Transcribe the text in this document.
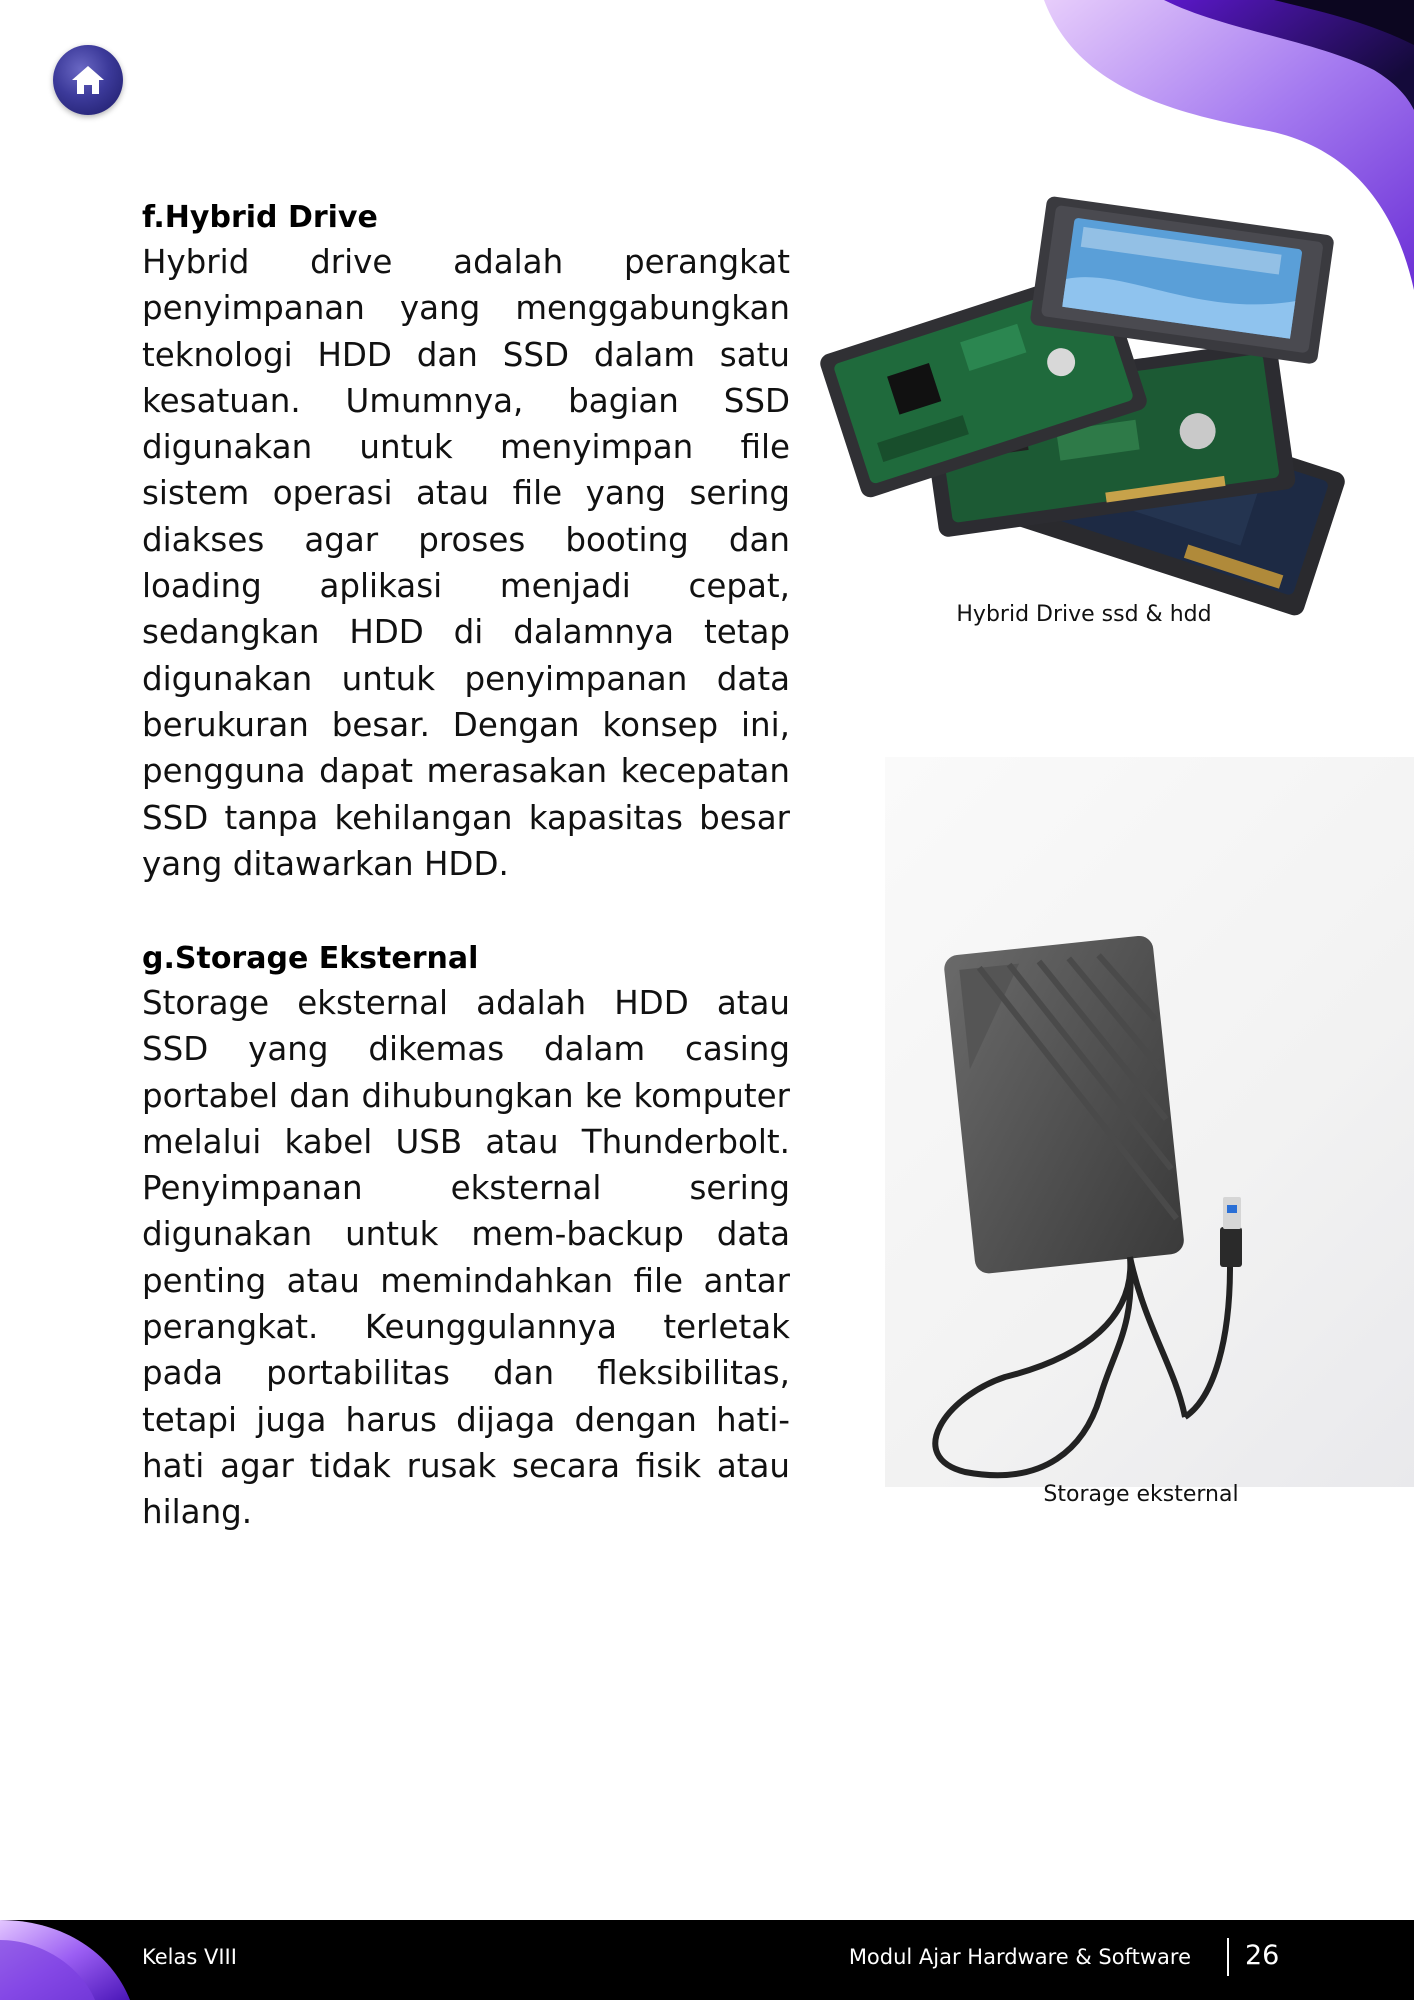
f.Hybrid Drive

Hybrid drive adalah perangkat penyimpanan yang menggabungkan teknologi HDD dan SSD dalam satu kesatuan. Umumnya, bagian SSD digunakan untuk menyimpan file sistem operasi atau file yang sering diakses agar proses booting dan loading aplikasi menjadi cepat, sedangkan HDD di dalamnya tetap digunakan untuk penyimpanan data berukuran besar. Dengan konsep ini, pengguna dapat merasakan kecepatan SSD tanpa kehilangan kapasitas besar yang ditawarkan HDD.

Hybrid Drive ssd & hdd
g.Storage Eksternal

Storage eksternal adalah HDD atau SSD yang dikemas dalam casing portabel dan dihubungkan ke komputer melalui kabel USB atau Thunderbolt. Penyimpanan eksternal sering digunakan untuk mem-backup data penting atau memindahkan file antar perangkat. Keunggulannya terletak pada portabilitas dan fleksibilitas, tetapi juga harus dijaga dengan hati-hati agar tidak rusak secara fisik atau hilang.	Storage eksternal
Kelas VIII	Modul Ajar Hardware & Software 26
